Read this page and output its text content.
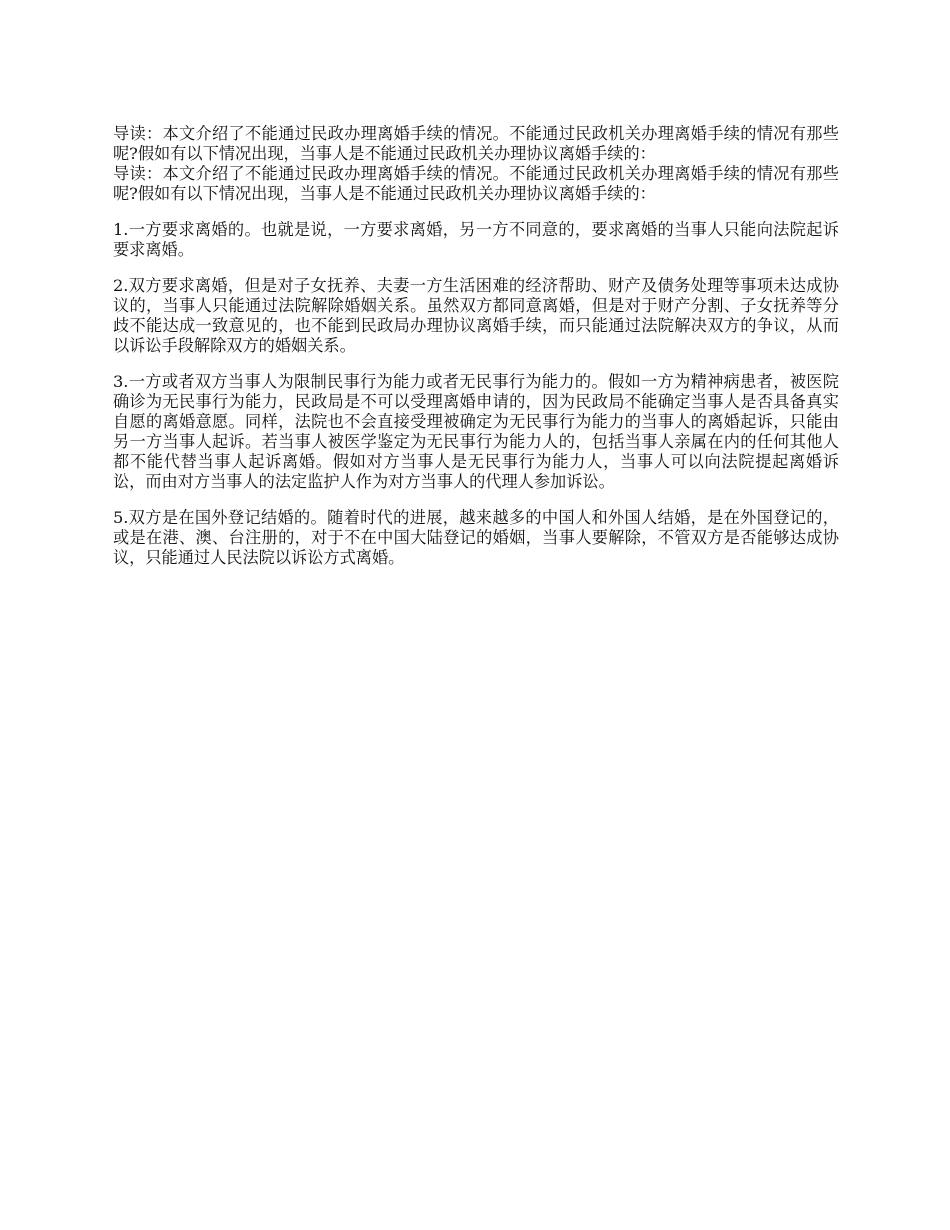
导读：本文介绍了不能通过民政办理离婚手续的情况。不能通过民政机关办理离婚手续的情况有那些呢?假如有以下情况出现，当事人是不能通过民政机关办理协议离婚手续的：
导读：本文介绍了不能通过民政办理离婚手续的情况。不能通过民政机关办理离婚手续的情况有那些呢?假如有以下情况出现，当事人是不能通过民政机关办理协议离婚手续的：

1.一方要求离婚的。也就是说，一方要求离婚，另一方不同意的，要求离婚的当事人只能向法院起诉要求离婚。

2.双方要求离婚，但是对子女抚养、夫妻一方生活困难的经济帮助、财产及债务处理等事项未达成协议的，当事人只能通过法院解除婚姻关系。虽然双方都同意离婚，但是对于财产分割、子女抚养等分歧不能达成一致意见的，也不能到民政局办理协议离婚手续，而只能通过法院解决双方的争议，从而以诉讼手段解除双方的婚姻关系。

3.一方或者双方当事人为限制民事行为能力或者无民事行为能力的。假如一方为精神病患者，被医院确诊为无民事行为能力，民政局是不可以受理离婚申请的，因为民政局不能确定当事人是否具备真实自愿的离婚意愿。同样，法院也不会直接受理被确定为无民事行为能力的当事人的离婚起诉，只能由另一方当事人起诉。若当事人被医学鉴定为无民事行为能力人的，包括当事人亲属在内的任何其他人都不能代替当事人起诉离婚。假如对方当事人是无民事行为能力人，当事人可以向法院提起离婚诉讼，而由对方当事人的法定监护人作为对方当事人的代理人参加诉讼。

5.双方是在国外登记结婚的。随着时代的进展，越来越多的中国人和外国人结婚，是在外国登记的，或是在港、澳、台注册的，对于不在中国大陆登记的婚姻，当事人要解除，不管双方是否能够达成协议，只能通过人民法院以诉讼方式离婚。
